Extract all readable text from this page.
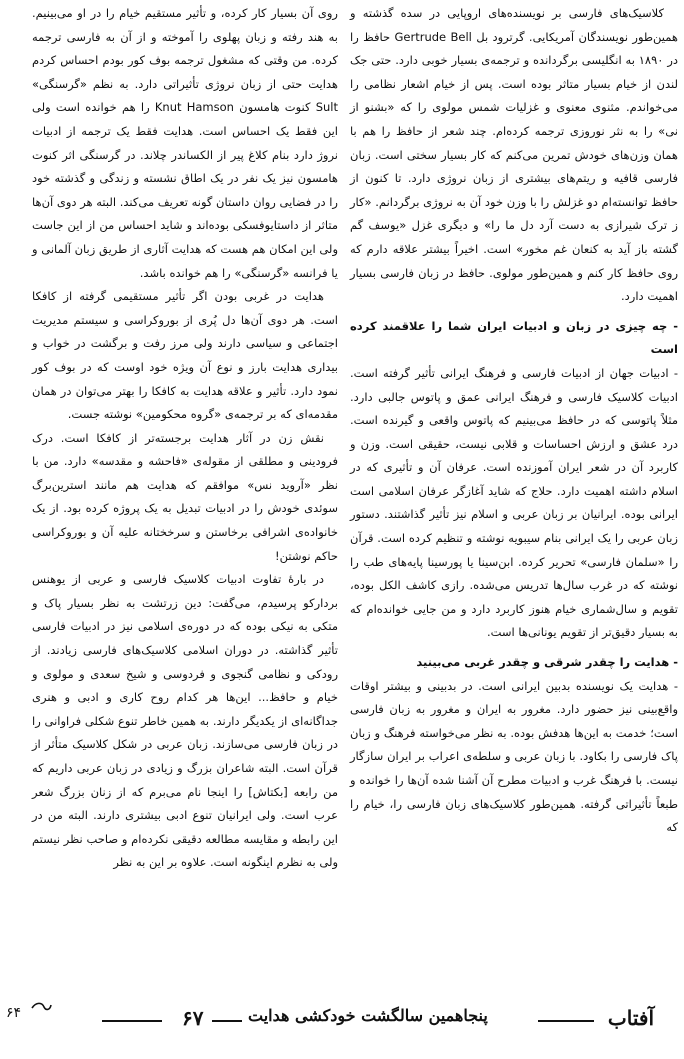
کلاسیک‌های فارسی بر نویسنده‌های اروپایی در سده گذشته و همین‌طور نویسندگان آمریکایی. گرترود بل Gertrude Bell حافظ را در ۱۸۹۰ به انگلیسی برگردانده و ترجمه‌ی بسیار خوبی دارد. حتی جک لندن از خیام بسیار متاثر بوده است. پس از خیام اشعار نظامی را می‌خواندم. مثنوی معنوی و غزلیات شمس مولوی را که «بشنو از نی» را به نثر نوروزی ترجمه کرده‌ام. چند شعر از حافظ را هم با همان وزن‌های خودش تمرین می‌کنم که کار بسیار سختی است. زبان فارسی قافیه و ریتم‌های بیشتری از زبان نروژی دارد. تا کنون از حافظ توانسته‌ام دو غزلش را با وزن خود آن به نروژی برگردانم. «کار ز ترک شیرازی به دست آرد دل ما را» و دیگری غزل «یوسف گم گشته باز آید به کنعان غم مخور» است. اخیراً بیشتر علاقه دارم که روی حافظ کار کنم و همین‌طور مولوی. حافظ در زبان فارسی بسیار اهمیت دارد.

- چه چیزی در زبان و ادبیات ایران شما را علاقمند کرده است

- ادبیات جهان از ادبیات فارسی و فرهنگ ایرانی تأثیر گرفته است. ادبیات کلاسیک فارسی و فرهنگ ایرانی عمق و پاتوس جالبی دارد. مثلاً پاتوسی که در حافظ می‌بینیم که پاتوس واقعی و گیرنده است. درد عشق و ارزش احساسات و قلابی نیست، حقیقی است. وزن و کاربرد آن در شعر ایران آموزنده است. عرفان آن و تأثیری که در اسلام داشته اهمیت دارد. حلاج که شاید آغازگر عرفان اسلامی است ایرانی بوده. ایرانیان بر زبان عربی و اسلام نیز تأثیر گذاشتند. دستور زبان عربی را یک ایرانی بنام سیبویه نوشته و تنظیم کرده است. قرآن را «سلمان فارسی» تحریر کرده. ابن‌سینا یا پورسینا پایه‌های طب را نوشته که در غرب سال‌ها تدریس می‌شده. رازی کاشف الکل بوده، تقویم و سال‌شماری خیام هنوز کاربرد دارد و من جایی خوانده‌ام که به بسیار دقیق‌تر از تقویم یونانی‌ها است.

- هدایت را چقدر شرقی و چقدر غربی می‌بینید

- هدایت یک نویسنده بدبین ایرانی است. در بدبینی و بیشتر اوقات واقع‌بینی نیز حضور دارد. مغرور به ایران و مغرور به زبان فارسی است؛ خدمت به این‌ها هدفش بوده. به نظر می‌خواسته فرهنگ و زبان پاک فارسی را بکاود. با زبان عربی و سلطه‌ی اعراب بر ایران سازگار نیست. با فرهنگ غرب و ادبیات مطرح آن آشنا شده آن‌ها را خوانده و طبعاً تأثیراتی گرفته. همین‌طور کلاسیک‌های زبان فارسی را، خیام را که

روی آن بسیار کار کرده، و تأثیر مستقیم خیام را در او می‌بینیم. به هند رفته و زبان پهلوی را آموخته و از آن به فارسی ترجمه کرده. من وقتی که مشغول ترجمه بوف کور بودم احساس کردم هدایت حتی از زبان نروژی تأثیراتی دارد. به نظم «گرسنگی» Sult کنوت هامسون Knut Hamson را هم خوانده است ولی این فقط یک احساس است. هدایت فقط یک ترجمه از ادبیات نروژ دارد بنام کلاغ پیر از الکساندر چلاند. در گرسنگی اثر کنوت هامسون نیز یک نفر در یک اطاق نشسته و زندگی و گذشته خود را در فضایی روان داستان گونه تعریف می‌کند. البته هر دوی آن‌ها متاثر از داستایوفسکی بوده‌اند و شاید احساس من از این جاست ولی این امکان هم هست که هدایت آثاری از طریق زبان آلمانی و یا فرانسه «گرسنگی» را هم خوانده باشد.

هدایت در غربی بودن اگر تأثیر مستقیمی گرفته از کافکا است. هر دوی آن‌ها دل پُری از بوروکراسی و سیستم مدیریت اجتماعی و سیاسی دارند ولی مرز رفت و برگشت در خواب و بیداری هدایت بارز و نوع آن ویژه خود اوست که در بوف کور نمود دارد. تأثیر و علاقه هدایت به کافکا را بهتر می‌توان در همان مقدمه‌ای که بر ترجمه‌ی «گروه محکومین» نوشته جست.

نقش زن در آثار هدایت برجسته‌تر از کافکا است. درک فرودینی و مطلقی از مقوله‌ی «فاحشه و مقدسه» دارد. من با نظر «آروید نس» موافقم که هدایت هم مانند استرین‌برگ سوئدی خودش را در ادبیات تبدیل به یک پروژه کرده بود. از یک خانواده‌ی اشرافی برخاستن و سرخختانه علیه آن و بوروکراسی حاکم نوشتن!

در بارهٔ تفاوت ادبیات کلاسیک فارسی و عربی از یوهنس بردارکو پرسیدم، می‌گفت: دین زرتشت به نظر بسیار پاک و متکی به نیکی بوده که در دوره‌ی اسلامی نیز در ادبیات فارسی تأثیر گذاشته. در دوران اسلامی کلاسیک‌های فارسی زیادند. از رودکی و نظامی گنجوی و فردوسی و شیخ سعدی و مولوی و خیام و حافظ... این‌ها هر کدام روح کاری و ادبی و هنری جداگانه‌ای از یکدیگر دارند. به همین خاطر تنوع شکلی فراوانی را در زبان فارسی می‌سازند. زبان عربی در شکل کلاسیک متأثر از قرآن است. البته شاعران بزرگ و زیادی در زبان عربی داریم که من رابعه [بکتاش] را اینجا نام می‌برم که از زنان بزرگ شعر عرب است. ولی ایرانیان تنوع ادبی بیشتری دارند. البته من در این رابطه و مقایسه مطالعه دقیقی نکرده‌ام و صاحب نظر نیستم ولی به نظرم اینگونه است. علاوه بر این به نظر

۶۴	آفتاب
پنجاهمین سالگشت خودکشی هدایت
۶۷
